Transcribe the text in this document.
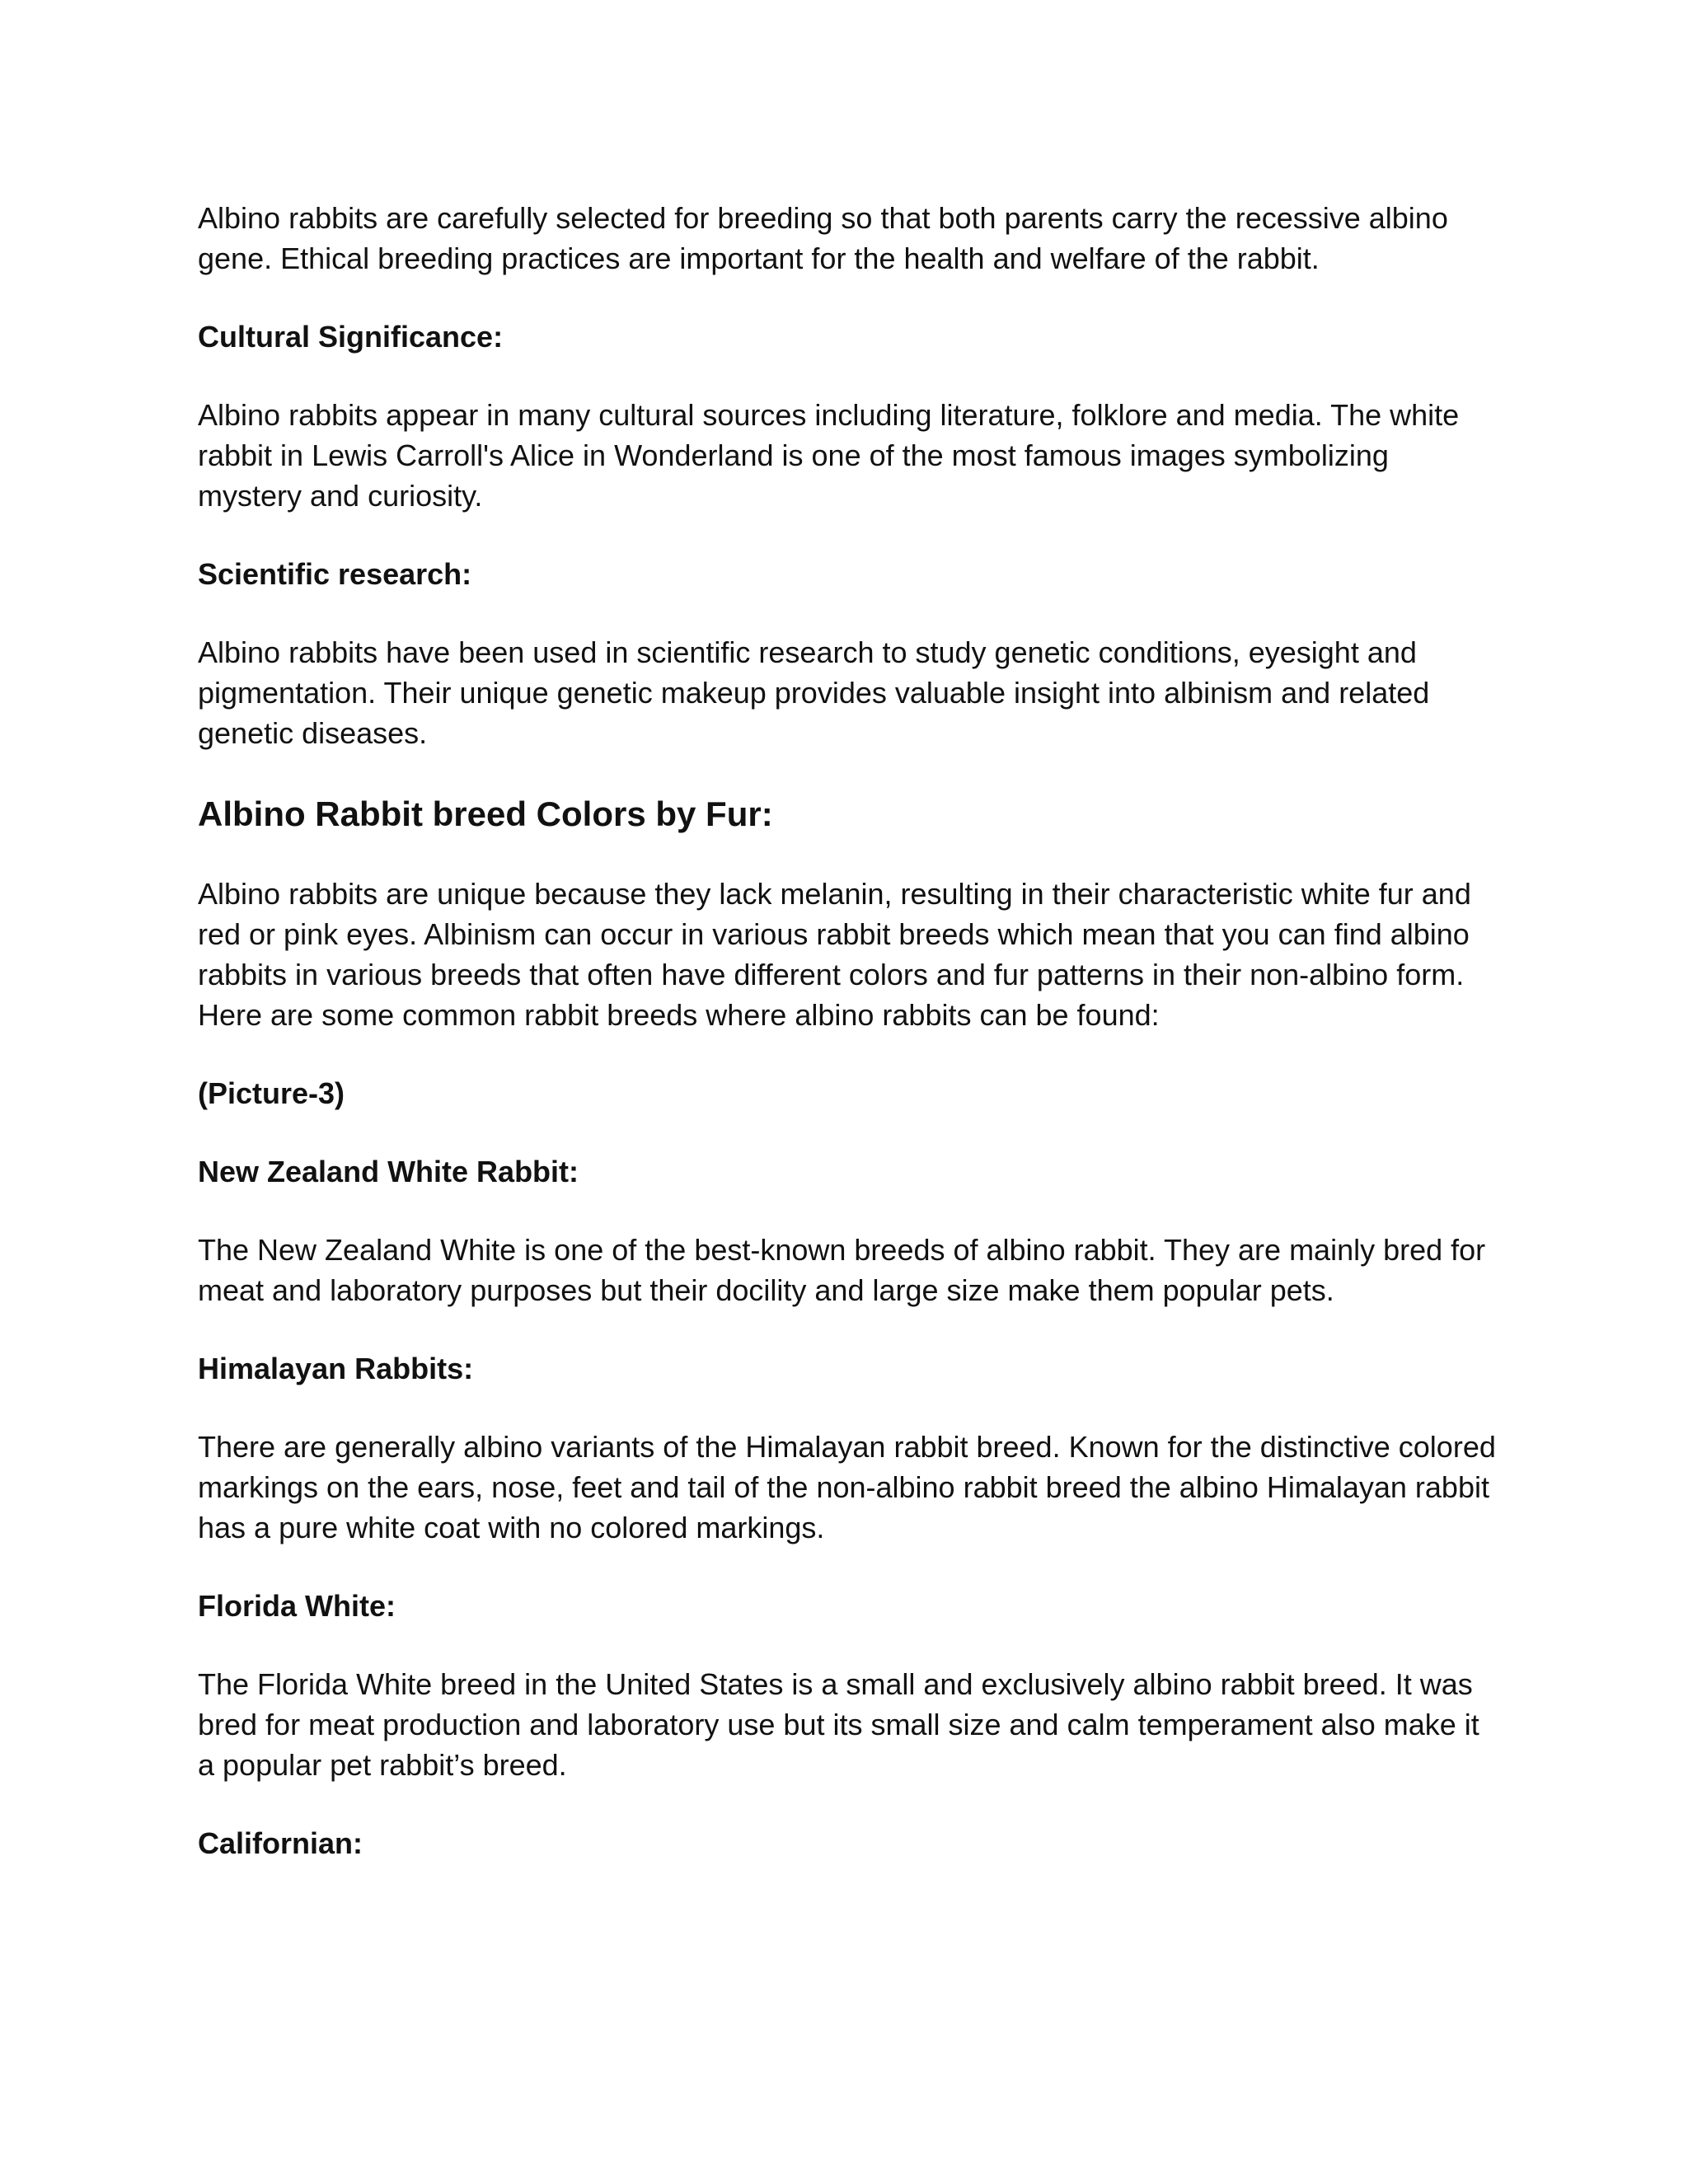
Albino rabbits are carefully selected for breeding so that both parents carry the recessive albino gene. Ethical breeding practices are important for the health and welfare of the rabbit.

Cultural Significance:

Albino rabbits appear in many cultural sources including literature, folklore and media. The white rabbit in Lewis Carroll's Alice in Wonderland is one of the most famous images symbolizing mystery and curiosity.

Scientific research:

Albino rabbits have been used in scientific research to study genetic conditions, eyesight and pigmentation. Their unique genetic makeup provides valuable insight into albinism and related genetic diseases.

Albino Rabbit breed Colors by Fur:

Albino rabbits are unique because they lack melanin, resulting in their characteristic white fur and red or pink eyes. Albinism can occur in various rabbit breeds which mean that you can find albino rabbits in various breeds that often have different colors and fur patterns in their non-albino form. Here are some common rabbit breeds where albino rabbits can be found:

(Picture-3)

New Zealand White Rabbit:

The New Zealand White is one of the best-known breeds of albino rabbit. They are mainly bred for meat and laboratory purposes but their docility and large size make them popular pets.

Himalayan Rabbits:

There are generally albino variants of the Himalayan rabbit breed. Known for the distinctive colored markings on the ears, nose, feet and tail of the non-albino rabbit breed the albino Himalayan rabbit has a pure white coat with no colored markings.

Florida White:

The Florida White breed in the United States is a small and exclusively albino rabbit breed. It was bred for meat production and laboratory use but its small size and calm temperament also make it a popular pet rabbit’s breed.

Californian:
